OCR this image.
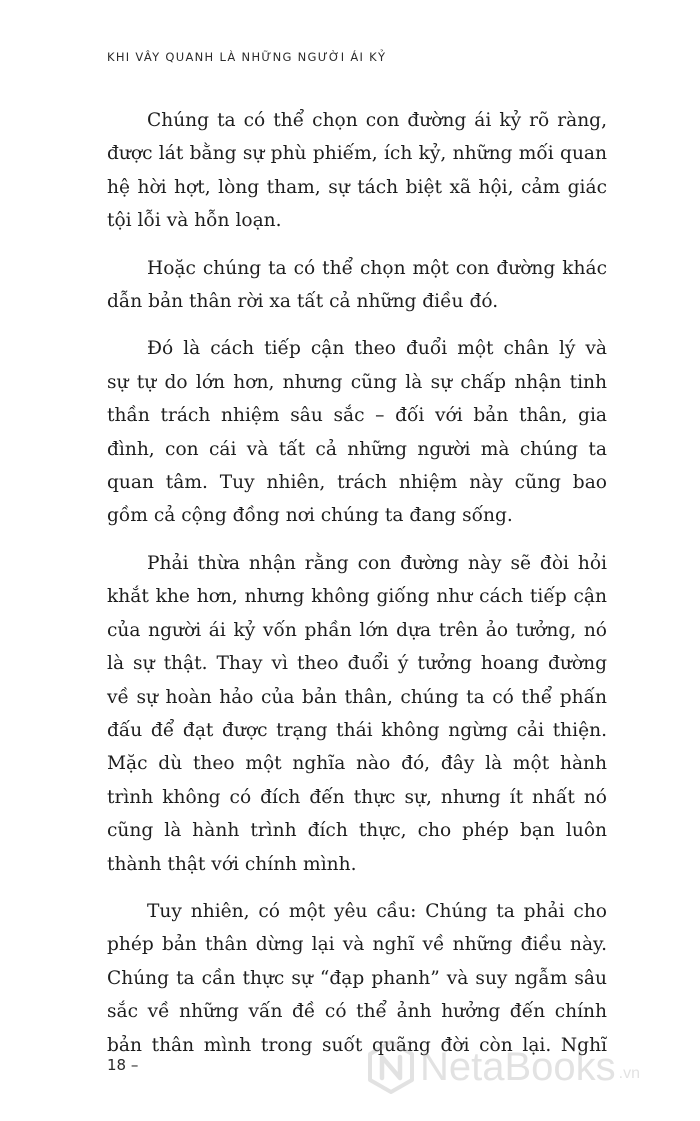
KHI VÂY QUANH LÀ NHỮNG NGƯỜI ÁI KỶ

Chúng ta có thể chọn con đường ái kỷ rõ ràng,
được lát bằng sự phù phiếm, ích kỷ, những mối quan
hệ hời hợt, lòng tham, sự tách biệt xã hội, cảm giác
tội lỗi và hỗn loạn.

Hoặc chúng ta có thể chọn một con đường khác
dẫn bản thân rời xa tất cả những điều đó.

Đó là cách tiếp cận theo đuổi một chân lý và
sự tự do lớn hơn, nhưng cũng là sự chấp nhận tinh
thần trách nhiệm sâu sắc – đối với bản thân, gia
đình, con cái và tất cả những người mà chúng ta
quan tâm. Tuy nhiên, trách nhiệm này cũng bao
gồm cả cộng đồng nơi chúng ta đang sống.

Phải thừa nhận rằng con đường này sẽ đòi hỏi
khắt khe hơn, nhưng không giống như cách tiếp cận
của người ái kỷ vốn phần lớn dựa trên ảo tưởng, nó
là sự thật. Thay vì theo đuổi ý tưởng hoang đường
về sự hoàn hảo của bản thân, chúng ta có thể phấn
đấu để đạt được trạng thái không ngừng cải thiện.
Mặc dù theo một nghĩa nào đó, đây là một hành
trình không có đích đến thực sự, nhưng ít nhất nó
cũng là hành trình đích thực, cho phép bạn luôn
thành thật với chính mình.

Tuy nhiên, có một yêu cầu: Chúng ta phải cho
phép bản thân dừng lại và nghĩ về những điều này.
Chúng ta cần thực sự “đạp phanh” và suy ngẫm sâu
sắc về những vấn đề có thể ảnh hưởng đến chính
bản thân mình trong suốt quãng đời còn lại. Nghĩ

18 –	NetaBooks .vn
